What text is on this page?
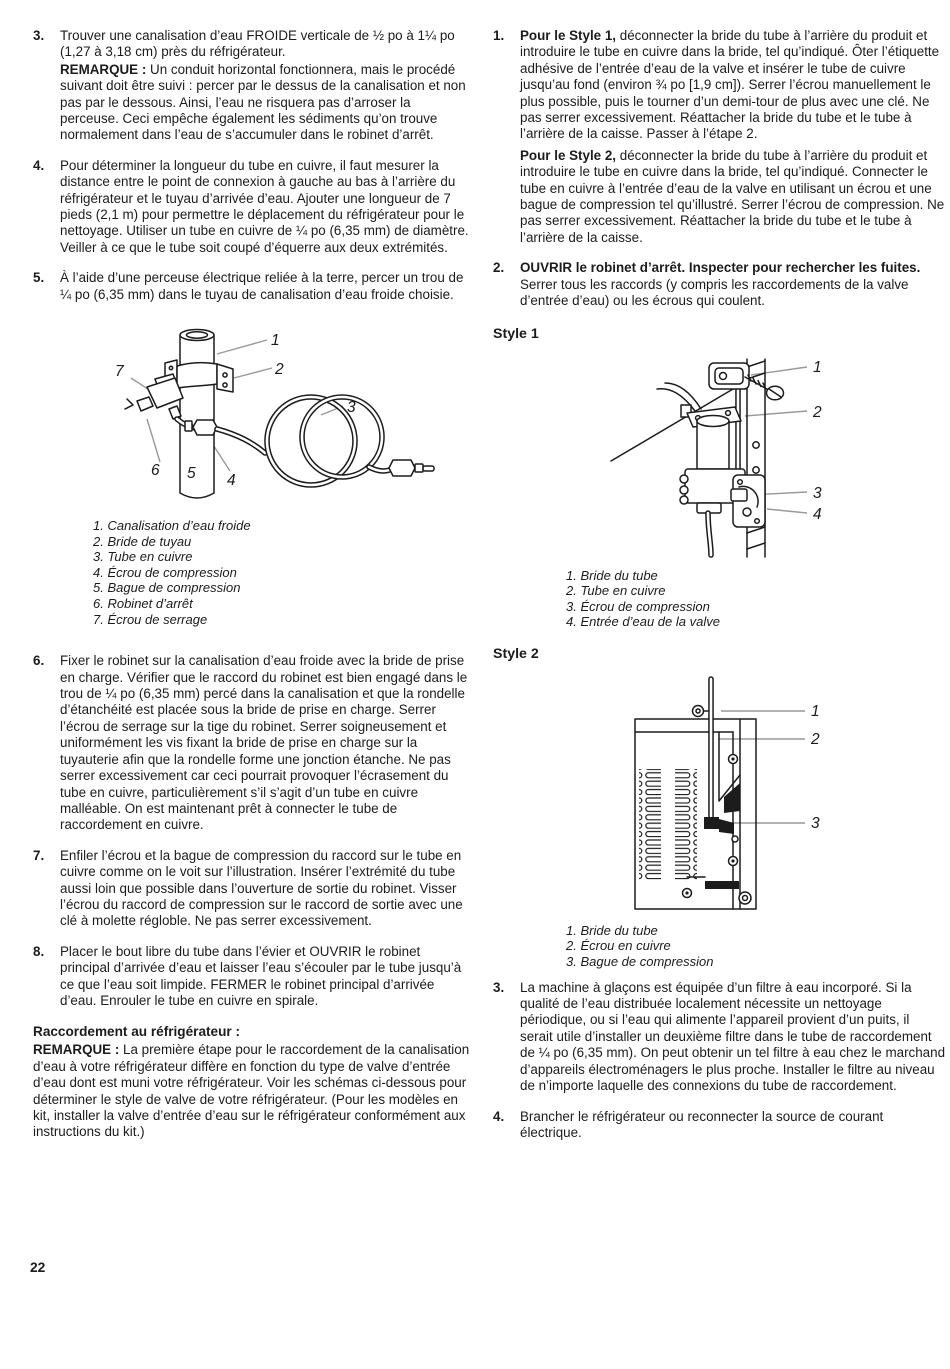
3.	Trouver une canalisation d’eau FROIDE verticale de ½ po à 1¼ po (1,27 à 3,18 cm) près du réfrigérateur.

REMARQUE : Un conduit horizontal fonctionnera, mais le procédé suivant doit être suivi : percer par le dessus de la canalisation et non pas par le dessous. Ainsi, l’eau ne risquera pas d’arroser la perceuse. Ceci empêche également les sédiments qu’on trouve normalement dans l’eau de s’accumuler dans le robinet d’arrêt.

4.	Pour déterminer la longueur du tube en cuivre, il faut mesurer la distance entre le point de connexion à gauche au bas à l’arrière du réfrigérateur et le tuyau d’arrivée d’eau. Ajouter une longueur de 7 pieds (2,1 m) pour permettre le déplacement du réfrigérateur pour le nettoyage. Utiliser un tube en cuivre de ¼ po (6,35 mm) de diamètre. Veiller à ce que le tube soit coupé d’équerre aux deux extrémités.

5.	À l’aide d’une perceuse électrique reliée à la terre, percer un trou de ¼ po (6,35 mm) dans le tuyau de canalisation d’eau froide choisie.

1
2
3
4
5
6
7
1. Canalisation d’eau froide
2. Bride de tuyau
3. Tube en cuivre
4. Écrou de compression
5. Bague de compression
6. Robinet d’arrêt
7. Écrou de serrage
6.	Fixer le robinet sur la canalisation d’eau froide avec la bride de prise en charge. Vérifier que le raccord du robinet est bien engagé dans le trou de ¼ po (6,35 mm) percé dans la canalisation et que la rondelle d’étanchéité est placée sous la bride de prise en charge. Serrer l’écrou de serrage sur la tige du robinet. Serrer soigneusement et uniformément les vis fixant la bride de prise en charge sur la tuyauterie afin que la rondelle forme une jonction étanche. Ne pas serrer excessivement car ceci pourrait provoquer l’écrasement du tube en cuivre, particulièrement s’il s’agit d’un tube en cuivre malléable. On est maintenant prêt à connecter le tube de raccordement en cuivre.

7.	Enfiler l’écrou et la bague de compression du raccord sur le tube en cuivre comme on le voit sur l’illustration. Insérer l’extrémité du tube aussi loin que possible dans l’ouverture de sortie du robinet. Visser l’écrou du raccord de compression sur le raccord de sortie avec une clé à molette régloble. Ne pas serrer excessivement.

8.	Placer le bout libre du tube dans l’évier et OUVRIR le robinet principal d’arrivée d’eau et laisser l’eau s’écouler par le tube jusqu’à ce que l’eau soit limpide. FERMER le robinet principal d’arrivée d’eau. Enrouler le tube en cuivre en spirale.

Raccordement au réfrigérateur :

REMARQUE : La première étape pour le raccordement de la canalisation d’eau à votre réfrigérateur diffère en fonction du type de valve d’entrée d’eau dont est muni votre réfrigérateur. Voir les schémas ci-dessous pour déterminer le style de valve de votre réfrigérateur. (Pour les modèles en kit, installer la valve d’entrée d’eau sur le réfrigérateur conformément aux instructions du kit.)

1.	Pour le Style 1, déconnecter la bride du tube à l’arrière du produit et introduire le tube en cuivre dans la bride, tel qu’indiqué. Ôter l’étiquette adhésive de l’entrée d’eau de la valve et insérer le tube de cuivre jusqu’au fond (environ ¾ po [1,9 cm]). Serrer l’écrou manuellement le plus possible, puis le tourner d’un demi-tour de plus avec une clé. Ne pas serrer excessivement. Réattacher la bride du tube et le tube à l’arrière de la caisse. Passer à l’étape 2.

Pour le Style 2, déconnecter la bride du tube à l’arrière du produit et introduire le tube en cuivre dans la bride, tel qu’indiqué. Connecter le tube en cuivre à l’entrée d’eau de la valve en utilisant un écrou et une bague de compression tel qu’illustré. Serrer l’écrou de compression. Ne pas serrer excessivement. Réattacher la bride du tube et le tube à l’arrière de la caisse.

2.	OUVRIR le robinet d’arrêt. Inspecter pour rechercher les fuites. Serrer tous les raccords (y compris les raccordements de la valve d’entrée d’eau) ou les écrous qui coulent.

Style 1
1
2
3
4
1. Bride du tube
2. Tube en cuivre
3. Écrou de compression
4. Entrée d’eau de la valve
Style 2
1
2
3
1. Bride du tube
2. Écrou en cuivre
3. Bague de compression
3.	La machine à glaçons est équipée d’un filtre à eau incorporé. Si la qualité de l’eau distribuée localement nécessite un nettoyage périodique, ou si l’eau qui alimente l’appareil provient d’un puits, il serait utile d’installer un deuxième filtre dans le tube de raccordement de ¼ po (6,35 mm). On peut obtenir un tel filtre à eau chez le marchand d’appareils électroménagers le plus proche. Installer le filtre au niveau de n’importe laquelle des connexions du tube de raccordement.

4.	Brancher le réfrigérateur ou reconnecter la source de courant électrique.

22
